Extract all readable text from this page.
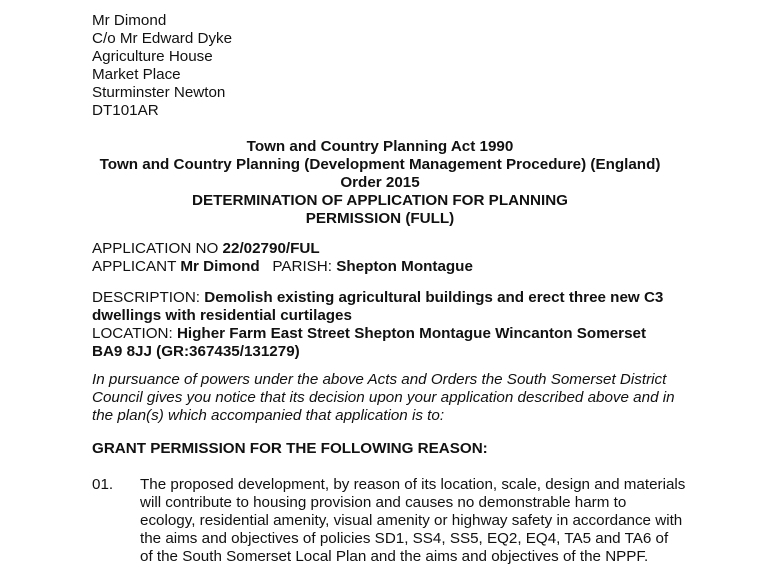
Mr Dimond
C/o Mr Edward Dyke
Agriculture House
Market Place
Sturminster Newton
DT101AR
Town and Country Planning Act 1990
Town and Country Planning (Development Management Procedure) (England)
Order 2015
DETERMINATION OF APPLICATION FOR PLANNING
PERMISSION (FULL)
APPLICATION NO 22/02790/FUL
APPLICANT Mr Dimond PARISH: Shepton Montague
DESCRIPTION: Demolish existing agricultural buildings and erect three new C3
dwellings with residential curtilages
LOCATION: Higher Farm East Street Shepton Montague Wincanton Somerset
BA9 8JJ (GR:367435/131279)
In pursuance of powers under the above Acts and Orders the South Somerset District
Council gives you notice that its decision upon your application described above and in
the plan(s) which accompanied that application is to:
GRANT PERMISSION FOR THE FOLLOWING REASON:
01. The proposed development, by reason of its location, scale, design and materials
will contribute to housing provision and causes no demonstrable harm to
ecology, residential amenity, visual amenity or highway safety in accordance with
the aims and objectives of policies SD1, SS4, SS5, EQ2, EQ4, TA5 and TA6 of
of the South Somerset Local Plan and the aims and objectives of the NPPF.
